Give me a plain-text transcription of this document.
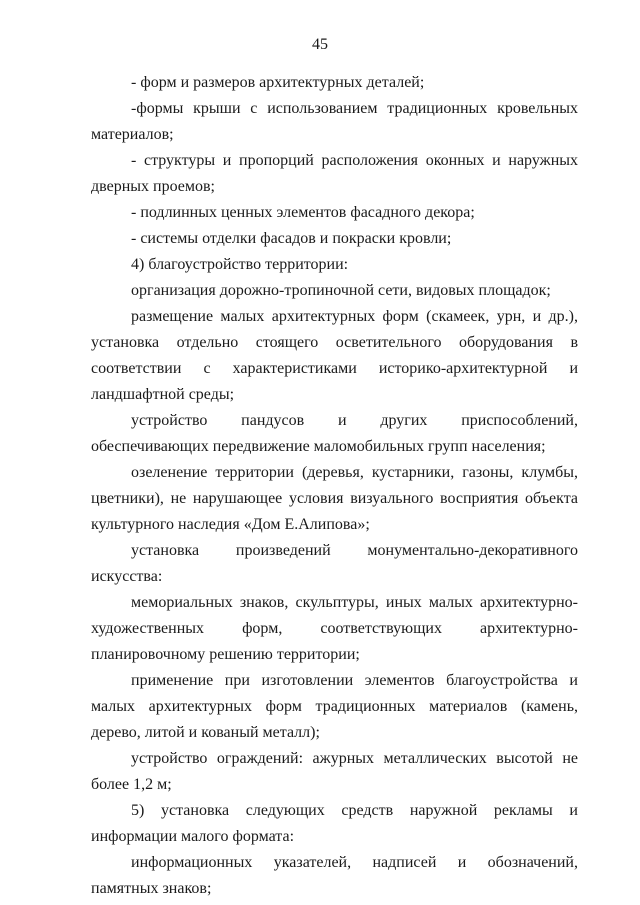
45

- форм и размеров архитектурных деталей;

-формы крыши с использованием традиционных кровельных материалов;

- структуры и пропорций расположения оконных и наружных дверных проемов;

- подлинных ценных элементов фасадного декора;

- системы отделки фасадов и покраски кровли;

4) благоустройство территории:

организация дорожно-тропиночной сети, видовых площадок;

размещение малых архитектурных форм (скамеек, урн, и др.), установка отдельно стоящего осветительного оборудования в соответствии с характеристиками историко-архитектурной и ландшафтной среды;

устройство пандусов и других приспособлений, обеспечивающих передвижение маломобильных групп населения;

озеленение территории (деревья, кустарники, газоны, клумбы, цветники), не нарушающее условия визуального восприятия объекта культурного наследия «Дом Е.Алипова»;

установка произведений монументально-декоративного искусства:

мемориальных знаков, скульптуры, иных малых архитектурно-художественных форм, соответствующих архитектурно-планировочному решению территории;

применение при изготовлении элементов благоустройства и малых архитектурных форм традиционных материалов (камень, дерево, литой и кованый металл);

устройство ограждений: ажурных металлических высотой не более 1,2 м;

5) установка следующих средств наружной рекламы и информации малого формата:

информационных указателей, надписей и обозначений, памятных знаков;
